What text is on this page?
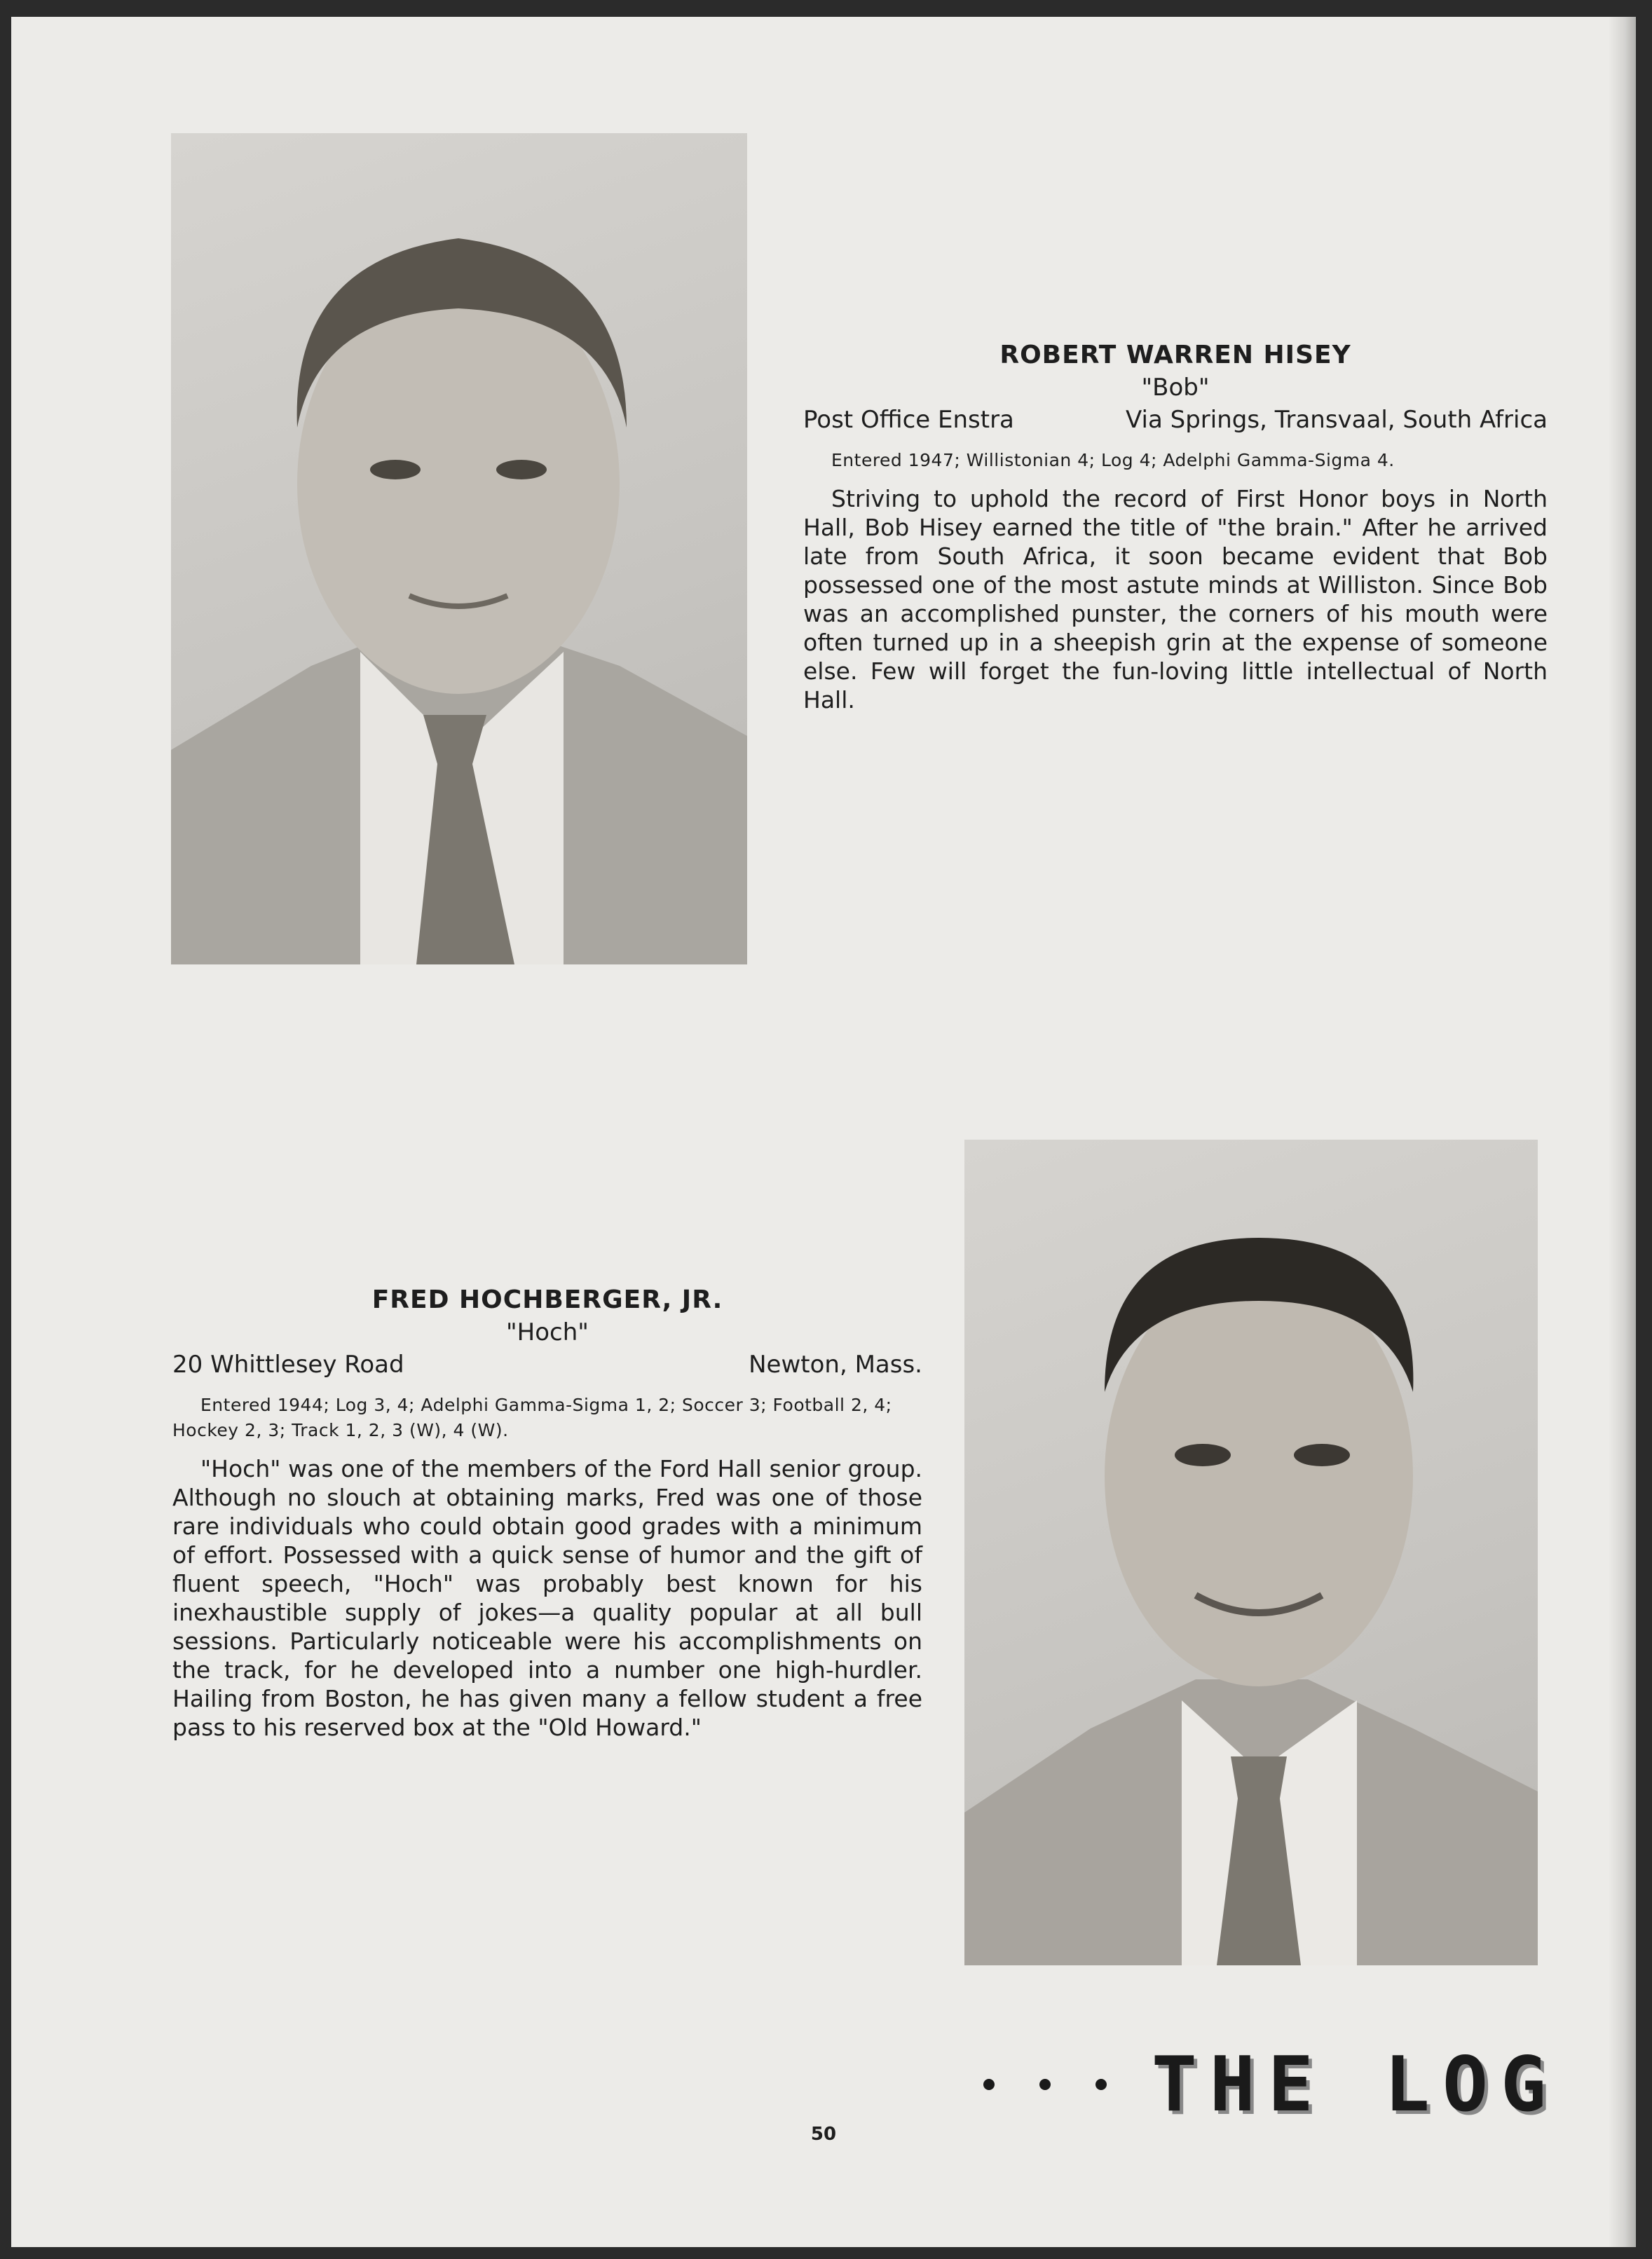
ROBERT WARREN HISEY
"Bob"
Post Office Enstra	Via Springs, Transvaal, South Africa
Entered 1947; Willistonian 4; Log 4; Adelphi Gamma-Sigma 4.
Striving to uphold the record of First Honor boys in North Hall, Bob Hisey earned the title of "the brain." After he arrived late from South Africa, it soon became evident that Bob possessed one of the most astute minds at Williston. Since Bob was an accomplished punster, the corners of his mouth were often turned up in a sheepish grin at the expense of someone else. Few will forget the fun-loving little intellectual of North Hall.
FRED HOCHBERGER, JR.
"Hoch"
20 Whittlesey Road	Newton, Mass.
Entered 1944; Log 3, 4; Adelphi Gamma-Sigma 1, 2; Soccer 3; Football 2, 4; Hockey 2, 3; Track 1, 2, 3 (W), 4 (W).
"Hoch" was one of the members of the Ford Hall senior group. Although no slouch at obtaining marks, Fred was one of those rare individuals who could obtain good grades with a minimum of effort. Possessed with a quick sense of humor and the gift of fluent speech, "Hoch" was probably best known for his inexhaustible supply of jokes—a quality popular at all bull sessions. Particularly noticeable were his accomplishments on the track, for he developed into a number one high-hurdler. Hailing from Boston, he has given many a fellow student a free pass to his reserved box at the "Old Howard."
THE LOG
50
